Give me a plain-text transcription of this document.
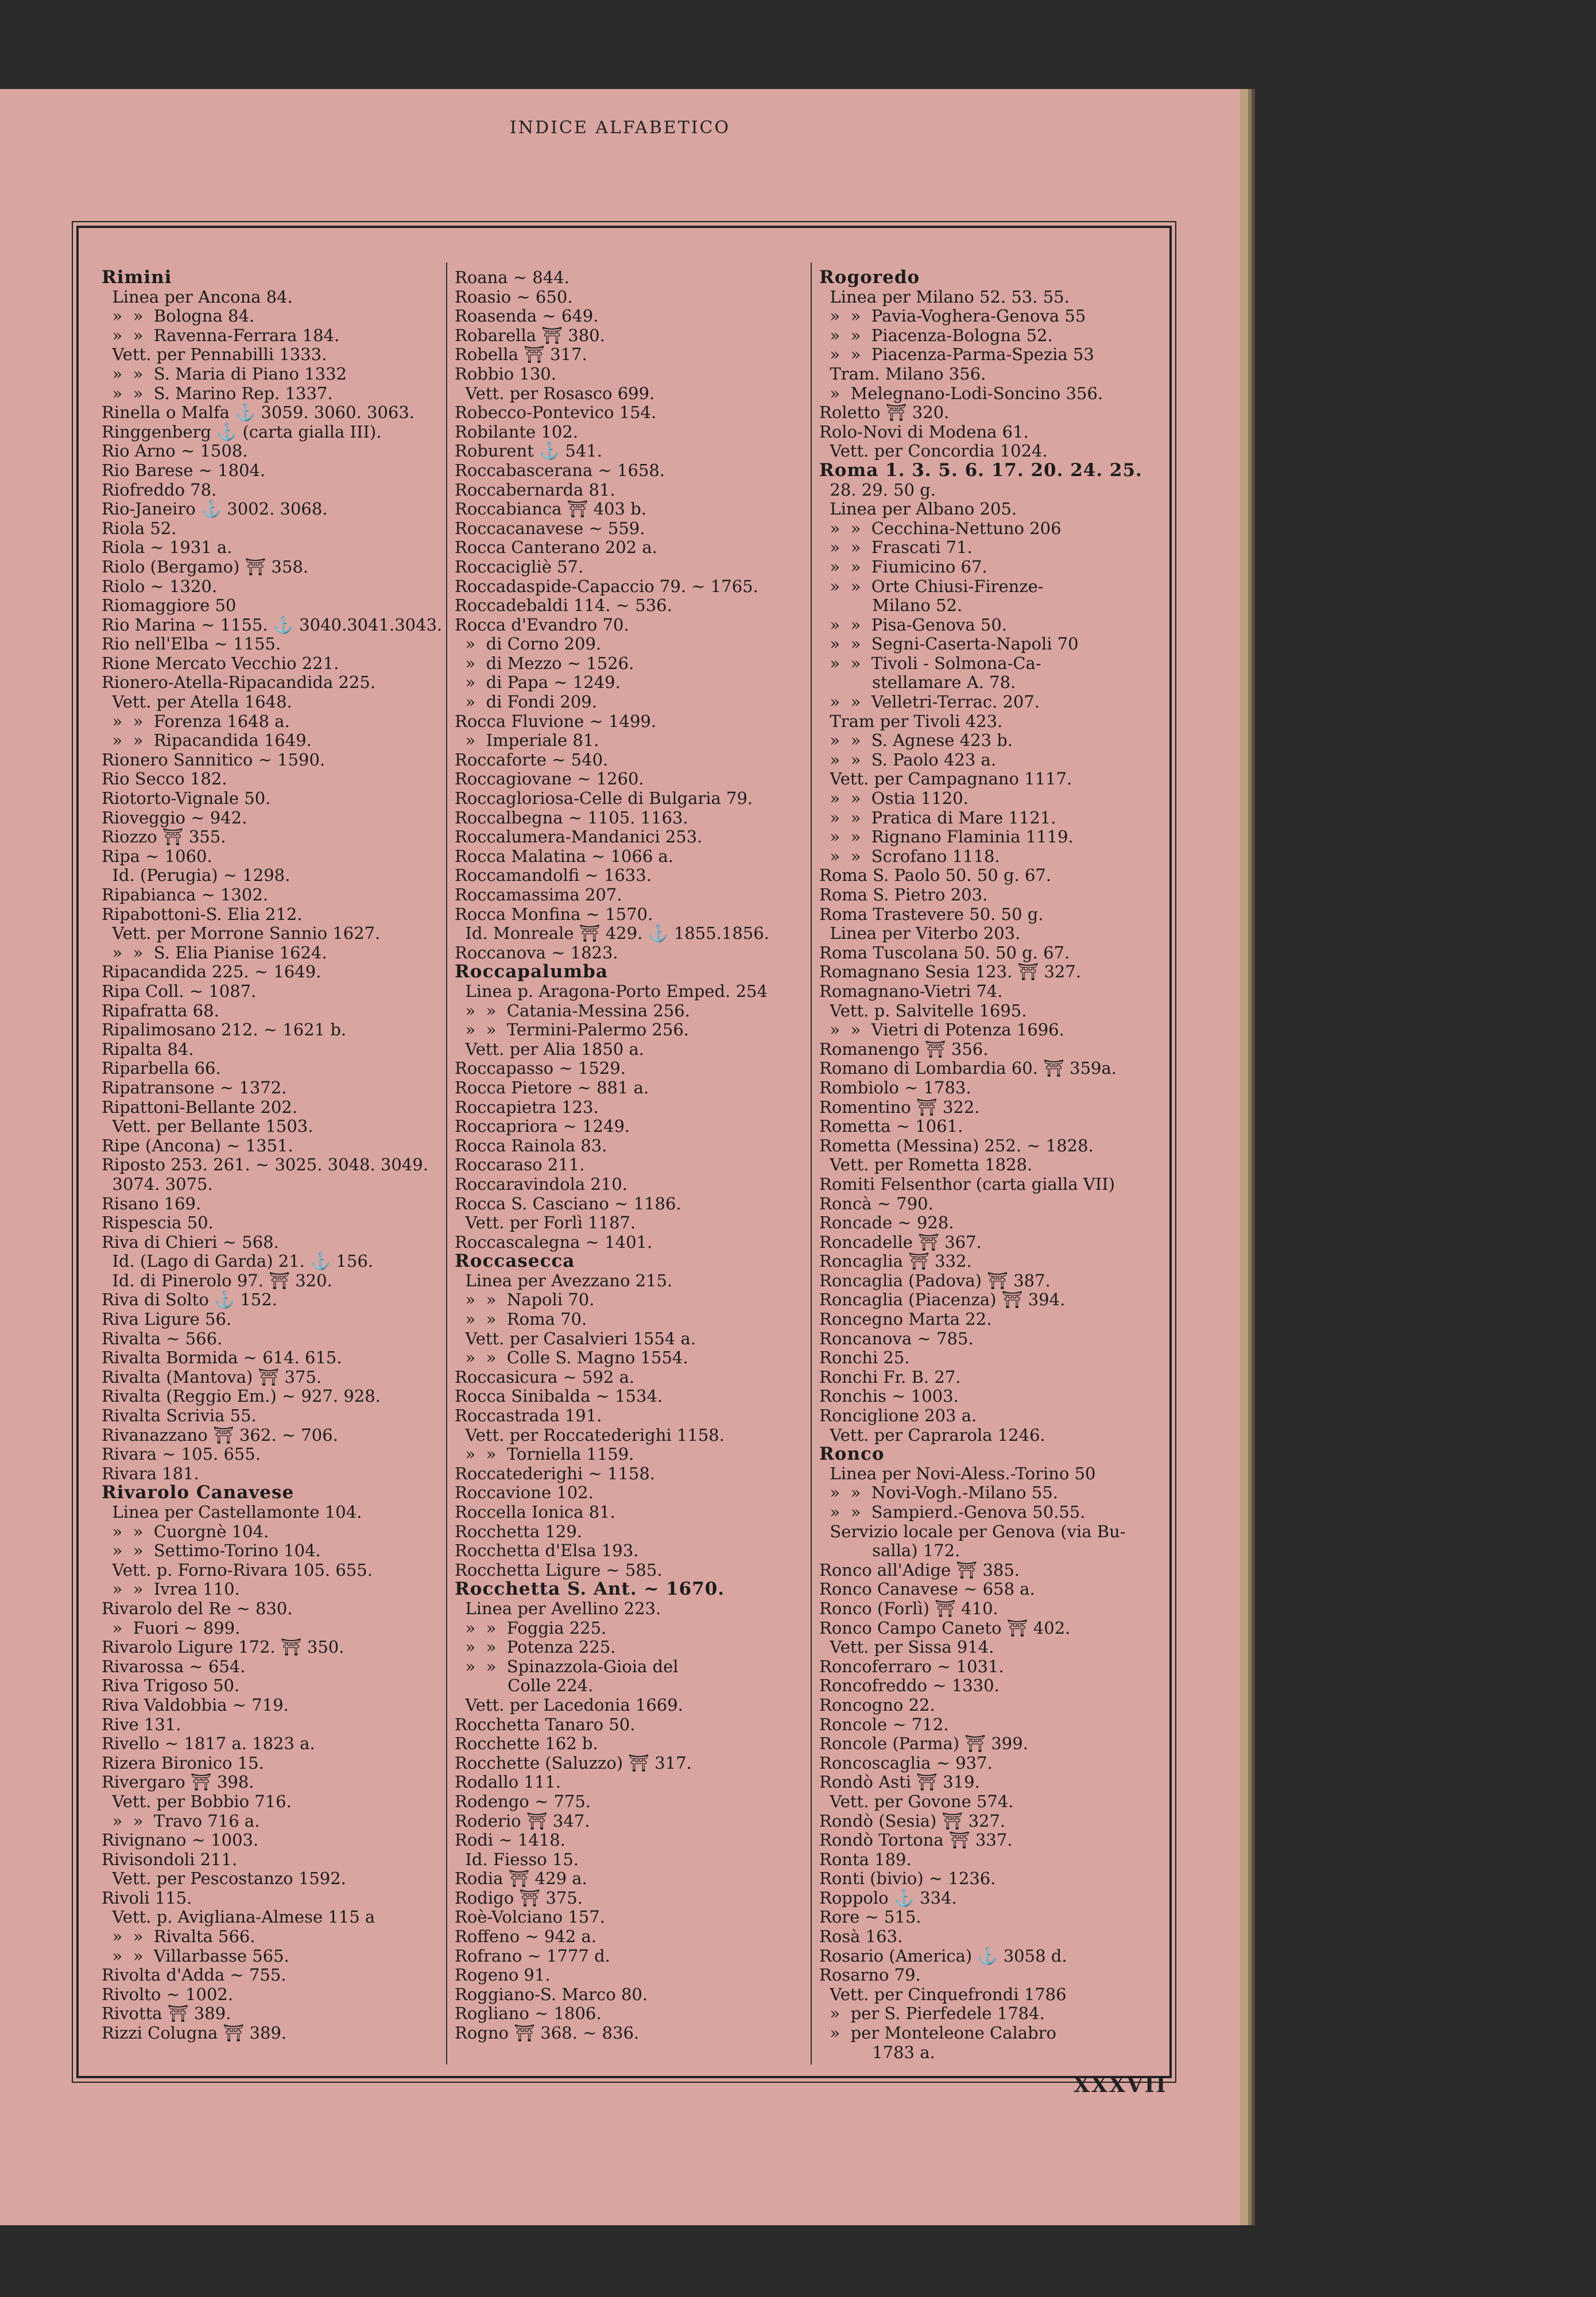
INDICE ALFABETICO
Rimini
Linea per Ancona 84.
»  »  Bologna 84.
»  »  Ravenna-Ferrara 184.
Vett. per Pennabilli 1333.
»  »  S. Maria di Piano 1332
»  »  S. Marino Rep. 1337.
Rinella o Malfa ⚓ 3059. 3060. 3063.
Ringgenberg ⚓ (carta gialla III).
Rio Arno ~ 1508.
Rio Barese ~ 1804.
Riofreddo 78.
Rio-Janeiro ⚓ 3002. 3068.
Riola 52.
Riola ~ 1931 a.
Riolo (Bergamo) ⛩ 358.
Riolo ~ 1320.
Riomaggiore 50
Rio Marina ~ 1155. ⚓ 3040.3041.3043.
Rio nell'Elba ~ 1155.
Rione Mercato Vecchio 221.
Rionero-Atella-Ripacandida 225.
Vett. per Atella 1648.
»  »  Forenza 1648 a.
»  »  Ripacandida 1649.
Rionero Sannitico ~ 1590.
Rio Secco 182.
Riotorto-Vignale 50.
Rioveggio ~ 942.
Riozzo ⛩ 355.
Ripa ~ 1060.
Id. (Perugia) ~ 1298.
Ripabianca ~ 1302.
Ripabottoni-S. Elia 212.
Vett. per Morrone Sannio 1627.
»  »  S. Elia Pianise 1624.
Ripacandida 225. ~ 1649.
Ripa Coll. ~ 1087.
Ripafratta 68.
Ripalimosano 212. ~ 1621 b.
Ripalta 84.
Riparbella 66.
Ripatransone ~ 1372.
Ripattoni-Bellante 202.
Vett. per Bellante 1503.
Ripe (Ancona) ~ 1351.
Riposto 253. 261. ~ 3025. 3048. 3049.
3074. 3075.
Risano 169.
Rispescia 50.
Riva di Chieri ~ 568.
Id. (Lago di Garda) 21. ⚓ 156.
Id. di Pinerolo 97. ⛩ 320.
Riva di Solto ⚓ 152.
Riva Ligure 56.
Rivalta ~ 566.
Rivalta Bormida ~ 614. 615.
Rivalta (Mantova) ⛩ 375.
Rivalta (Reggio Em.) ~ 927. 928.
Rivalta Scrivia 55.
Rivanazzano ⛩ 362. ~ 706.
Rivara ~ 105. 655.
Rivara 181.
Rivarolo Canavese
Linea per Castellamonte 104.
»  »  Cuorgnè 104.
»  »  Settimo-Torino 104.
Vett. p. Forno-Rivara 105. 655.
»  »  Ivrea 110.
Rivarolo del Re ~ 830.
»  Fuori ~ 899.
Rivarolo Ligure 172. ⛩ 350.
Rivarossa ~ 654.
Riva Trigoso 50.
Riva Valdobbia ~ 719.
Rive 131.
Rivello ~ 1817 a. 1823 a.
Rizera Bironico 15.
Rivergaro ⛩ 398.
Vett. per Bobbio 716.
»  »  Travo 716 a.
Rivignano ~ 1003.
Rivisondoli 211.
Vett. per Pescostanzo 1592.
Rivoli 115.
Vett. p. Avigliana-Almese 115 a
»  »  Rivalta 566.
»  »  Villarbasse 565.
Rivolta d'Adda ~ 755.
Rivolto ~ 1002.
Rivotta ⛩ 389.
Rizzi Colugna ⛩ 389.
Roana ~ 844.
Roasio ~ 650.
Roasenda ~ 649.
Robarella ⛩ 380.
Robella ⛩ 317.
Robbio 130.
Vett. per Rosasco 699.
Robecco-Pontevico 154.
Robilante 102.
Roburent ⚓ 541.
Roccabascerana ~ 1658.
Roccabernarda 81.
Roccabianca ⛩ 403 b.
Roccacanavese ~ 559.
Rocca Canterano 202 a.
Roccacigliè 57.
Roccadaspide-Capaccio 79. ~ 1765.
Roccadebaldi 114. ~ 536.
Rocca d'Evandro 70.
»  di Corno 209.
»  di Mezzo ~ 1526.
»  di Papa ~ 1249.
»  di Fondi 209.
Rocca Fluvione ~ 1499.
»  Imperiale 81.
Roccaforte ~ 540.
Roccagiovane ~ 1260.
Roccagloriosa-Celle di Bulgaria 79.
Roccalbegna ~ 1105. 1163.
Roccalumera-Mandanici 253.
Rocca Malatina ~ 1066 a.
Roccamandolfi ~ 1633.
Roccamassima 207.
Rocca Monfina ~ 1570.
Id. Monreale ⛩ 429. ⚓ 1855.1856.
Roccanova ~ 1823.
Roccapalumba
Linea p. Aragona-Porto Emped. 254
»  »  Catania-Messina 256.
»  »  Termini-Palermo 256.
Vett. per Alia 1850 a.
Roccapasso ~ 1529.
Rocca Pietore ~ 881 a.
Roccapietra 123.
Roccapriora ~ 1249.
Rocca Rainola 83.
Roccaraso 211.
Roccaravindola 210.
Rocca S. Casciano ~ 1186.
Vett. per Forlì 1187.
Roccascalegna ~ 1401.
Roccasecca
Linea per Avezzano 215.
»  »  Napoli 70.
»  »  Roma 70.
Vett. per Casalvieri 1554 a.
»  »  Colle S. Magno 1554.
Roccasicura ~ 592 a.
Rocca Sinibalda ~ 1534.
Roccastrada 191.
Vett. per Roccatederighi 1158.
»  »  Torniella 1159.
Roccatederighi ~ 1158.
Roccavione 102.
Roccella Ionica 81.
Rocchetta 129.
Rocchetta d'Elsa 193.
Rocchetta Ligure ~ 585.
Rocchetta S. Ant. ~ 1670.
Linea per Avellino 223.
»  »  Foggia 225.
»  »  Potenza 225.
»  »  Spinazzola-Gioia del
Colle 224.
Vett. per Lacedonia 1669.
Rocchetta Tanaro 50.
Rocchette 162 b.
Rocchette (Saluzzo) ⛩ 317.
Rodallo 111.
Rodengo ~ 775.
Roderio ⛩ 347.
Rodi ~ 1418.
Id. Fiesso 15.
Rodia ⛩ 429 a.
Rodigo ⛩ 375.
Roè-Volciano 157.
Roffeno ~ 942 a.
Rofrano ~ 1777 d.
Rogeno 91.
Roggiano-S. Marco 80.
Rogliano ~ 1806.
Rogno ⛩ 368. ~ 836.
Rogoredo
Linea per Milano 52. 53. 55.
»  »  Pavia-Voghera-Genova 55
»  »  Piacenza-Bologna 52.
»  »  Piacenza-Parma-Spezia 53
Tram. Milano 356.
»  Melegnano-Lodi-Soncino 356.
Roletto ⛩ 320.
Rolo-Novi di Modena 61.
Vett. per Concordia 1024.
Roma 1. 3. 5. 6. 17. 20. 24. 25.
28. 29. 50 g.
Linea per Albano 205.
»  »  Cecchina-Nettuno 206
»  »  Frascati 71.
»  »  Fiumicino 67.
»  »  Orte Chiusi-Firenze-
Milano 52.
»  »  Pisa-Genova 50.
»  »  Segni-Caserta-Napoli 70
»  »  Tivoli - Solmona-Ca-
stellamare A. 78.
»  »  Velletri-Terrac. 207.
Tram per Tivoli 423.
»  »  S. Agnese 423 b.
»  »  S. Paolo 423 a.
Vett. per Campagnano 1117.
»  »  Ostia 1120.
»  »  Pratica di Mare 1121.
»  »  Rignano Flaminia 1119.
»  »  Scrofano 1118.
Roma S. Paolo 50. 50 g. 67.
Roma S. Pietro 203.
Roma Trastevere 50. 50 g.
Linea per Viterbo 203.
Roma Tuscolana 50. 50 g. 67.
Romagnano Sesia 123. ⛩ 327.
Romagnano-Vietri 74.
Vett. p. Salvitelle 1695.
»  »  Vietri di Potenza 1696.
Romanengo ⛩ 356.
Romano di Lombardia 60. ⛩ 359a.
Rombiolo ~ 1783.
Romentino ⛩ 322.
Rometta ~ 1061.
Rometta (Messina) 252. ~ 1828.
Vett. per Rometta 1828.
Romiti Felsenthor (carta gialla VII)
Roncà ~ 790.
Roncade ~ 928.
Roncadelle ⛩ 367.
Roncaglia ⛩ 332.
Roncaglia (Padova) ⛩ 387.
Roncaglia (Piacenza) ⛩ 394.
Roncegno Marta 22.
Roncanova ~ 785.
Ronchi 25.
Ronchi Fr. B. 27.
Ronchis ~ 1003.
Ronciglione 203 a.
Vett. per Caprarola 1246.
Ronco
Linea per Novi-Aless.-Torino 50
»  »  Novi-Vogh.-Milano 55.
»  »  Sampierd.-Genova 50.55.
Servizio locale per Genova (via Bu-
salla) 172.
Ronco all'Adige ⛩ 385.
Ronco Canavese ~ 658 a.
Ronco (Forlì) ⛩ 410.
Ronco Campo Caneto ⛩ 402.
Vett. per Sissa 914.
Roncoferraro ~ 1031.
Roncofreddo ~ 1330.
Roncogno 22.
Roncole ~ 712.
Roncole (Parma) ⛩ 399.
Roncoscaglia ~ 937.
Rondò Asti ⛩ 319.
Vett. per Govone 574.
Rondò (Sesia) ⛩ 327.
Rondò Tortona ⛩ 337.
Ronta 189.
Ronti (bivio) ~ 1236.
Roppolo ⚓ 334.
Rore ~ 515.
Rosà 163.
Rosario (America) ⚓ 3058 d.
Rosarno 79.
Vett. per Cinquefrondi 1786
»  per S. Pierfedele 1784.
»  per Monteleone Calabro
1783 a.
XXXVII
